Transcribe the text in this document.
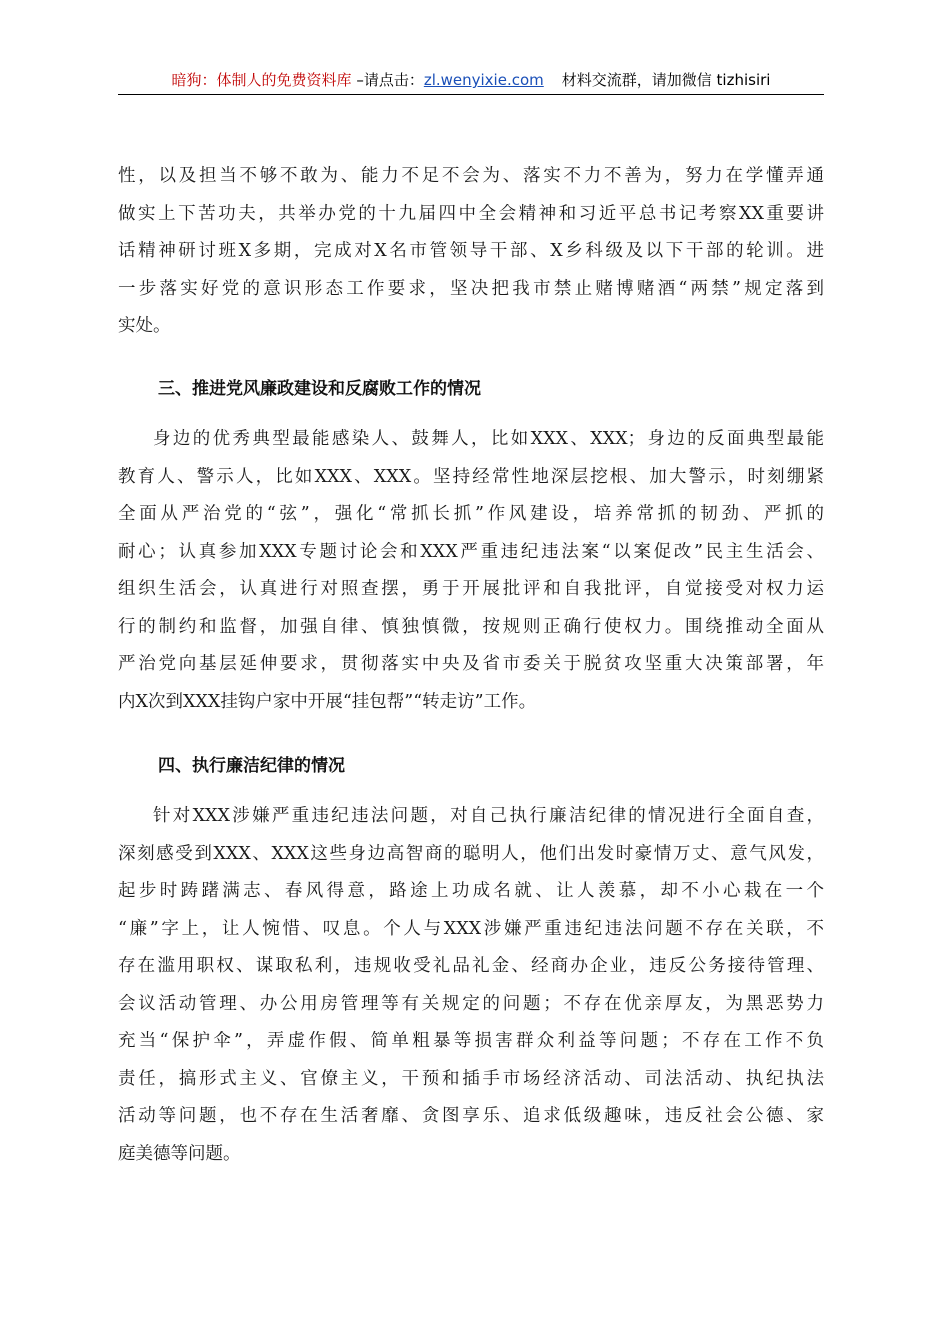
暗狗：体制人的免费资料库 –请点击：zl.wenyixie.com 材料交流群，请加微信 tizhisiri
性，以及担当不够不敢为、能力不足不会为、落实不力不善为，努力在学懂弄通
做实上下苦功夫，共举办党的十九届四中全会精神和习近平总书记考察XX重要讲
话精神研讨班X多期，完成对X名市管领导干部、X乡科级及以下干部的轮训。进
一步落实好党的意识形态工作要求，坚决把我市禁止赌博赌酒“两禁”规定落到
实处。
三、推进党风廉政建设和反腐败工作的情况
身边的优秀典型最能感染人、鼓舞人，比如XXX、XXX；身边的反面典型最能
教育人、警示人，比如XXX、XXX。坚持经常性地深层挖根、加大警示，时刻绷紧
全面从严治党的“弦”，强化“常抓长抓”作风建设，培养常抓的韧劲、严抓的
耐心；认真参加XXX专题讨论会和XXX严重违纪违法案“以案促改”民主生活会、
组织生活会，认真进行对照查摆，勇于开展批评和自我批评，自觉接受对权力运
行的制约和监督，加强自律、慎独慎微，按规则正确行使权力。围绕推动全面从
严治党向基层延伸要求，贯彻落实中央及省市委关于脱贫攻坚重大决策部署，年
内X次到XXX挂钩户家中开展“挂包帮”“转走访”工作。
四、执行廉洁纪律的情况
针对XXX涉嫌严重违纪违法问题，对自己执行廉洁纪律的情况进行全面自查，
深刻感受到XXX、XXX这些身边高智商的聪明人，他们出发时豪情万丈、意气风发，
起步时踌躇满志、春风得意，路途上功成名就、让人羡慕，却不小心栽在一个
“廉”字上，让人惋惜、叹息。个人与XXX涉嫌严重违纪违法问题不存在关联，不
存在滥用职权、谋取私利，违规收受礼品礼金、经商办企业，违反公务接待管理、
会议活动管理、办公用房管理等有关规定的问题；不存在优亲厚友，为黑恶势力
充当“保护伞”，弄虚作假、简单粗暴等损害群众利益等问题；不存在工作不负
责任，搞形式主义、官僚主义，干预和插手市场经济活动、司法活动、执纪执法
活动等问题，也不存在生活奢靡、贪图享乐、追求低级趣味，违反社会公德、家
庭美德等问题。
